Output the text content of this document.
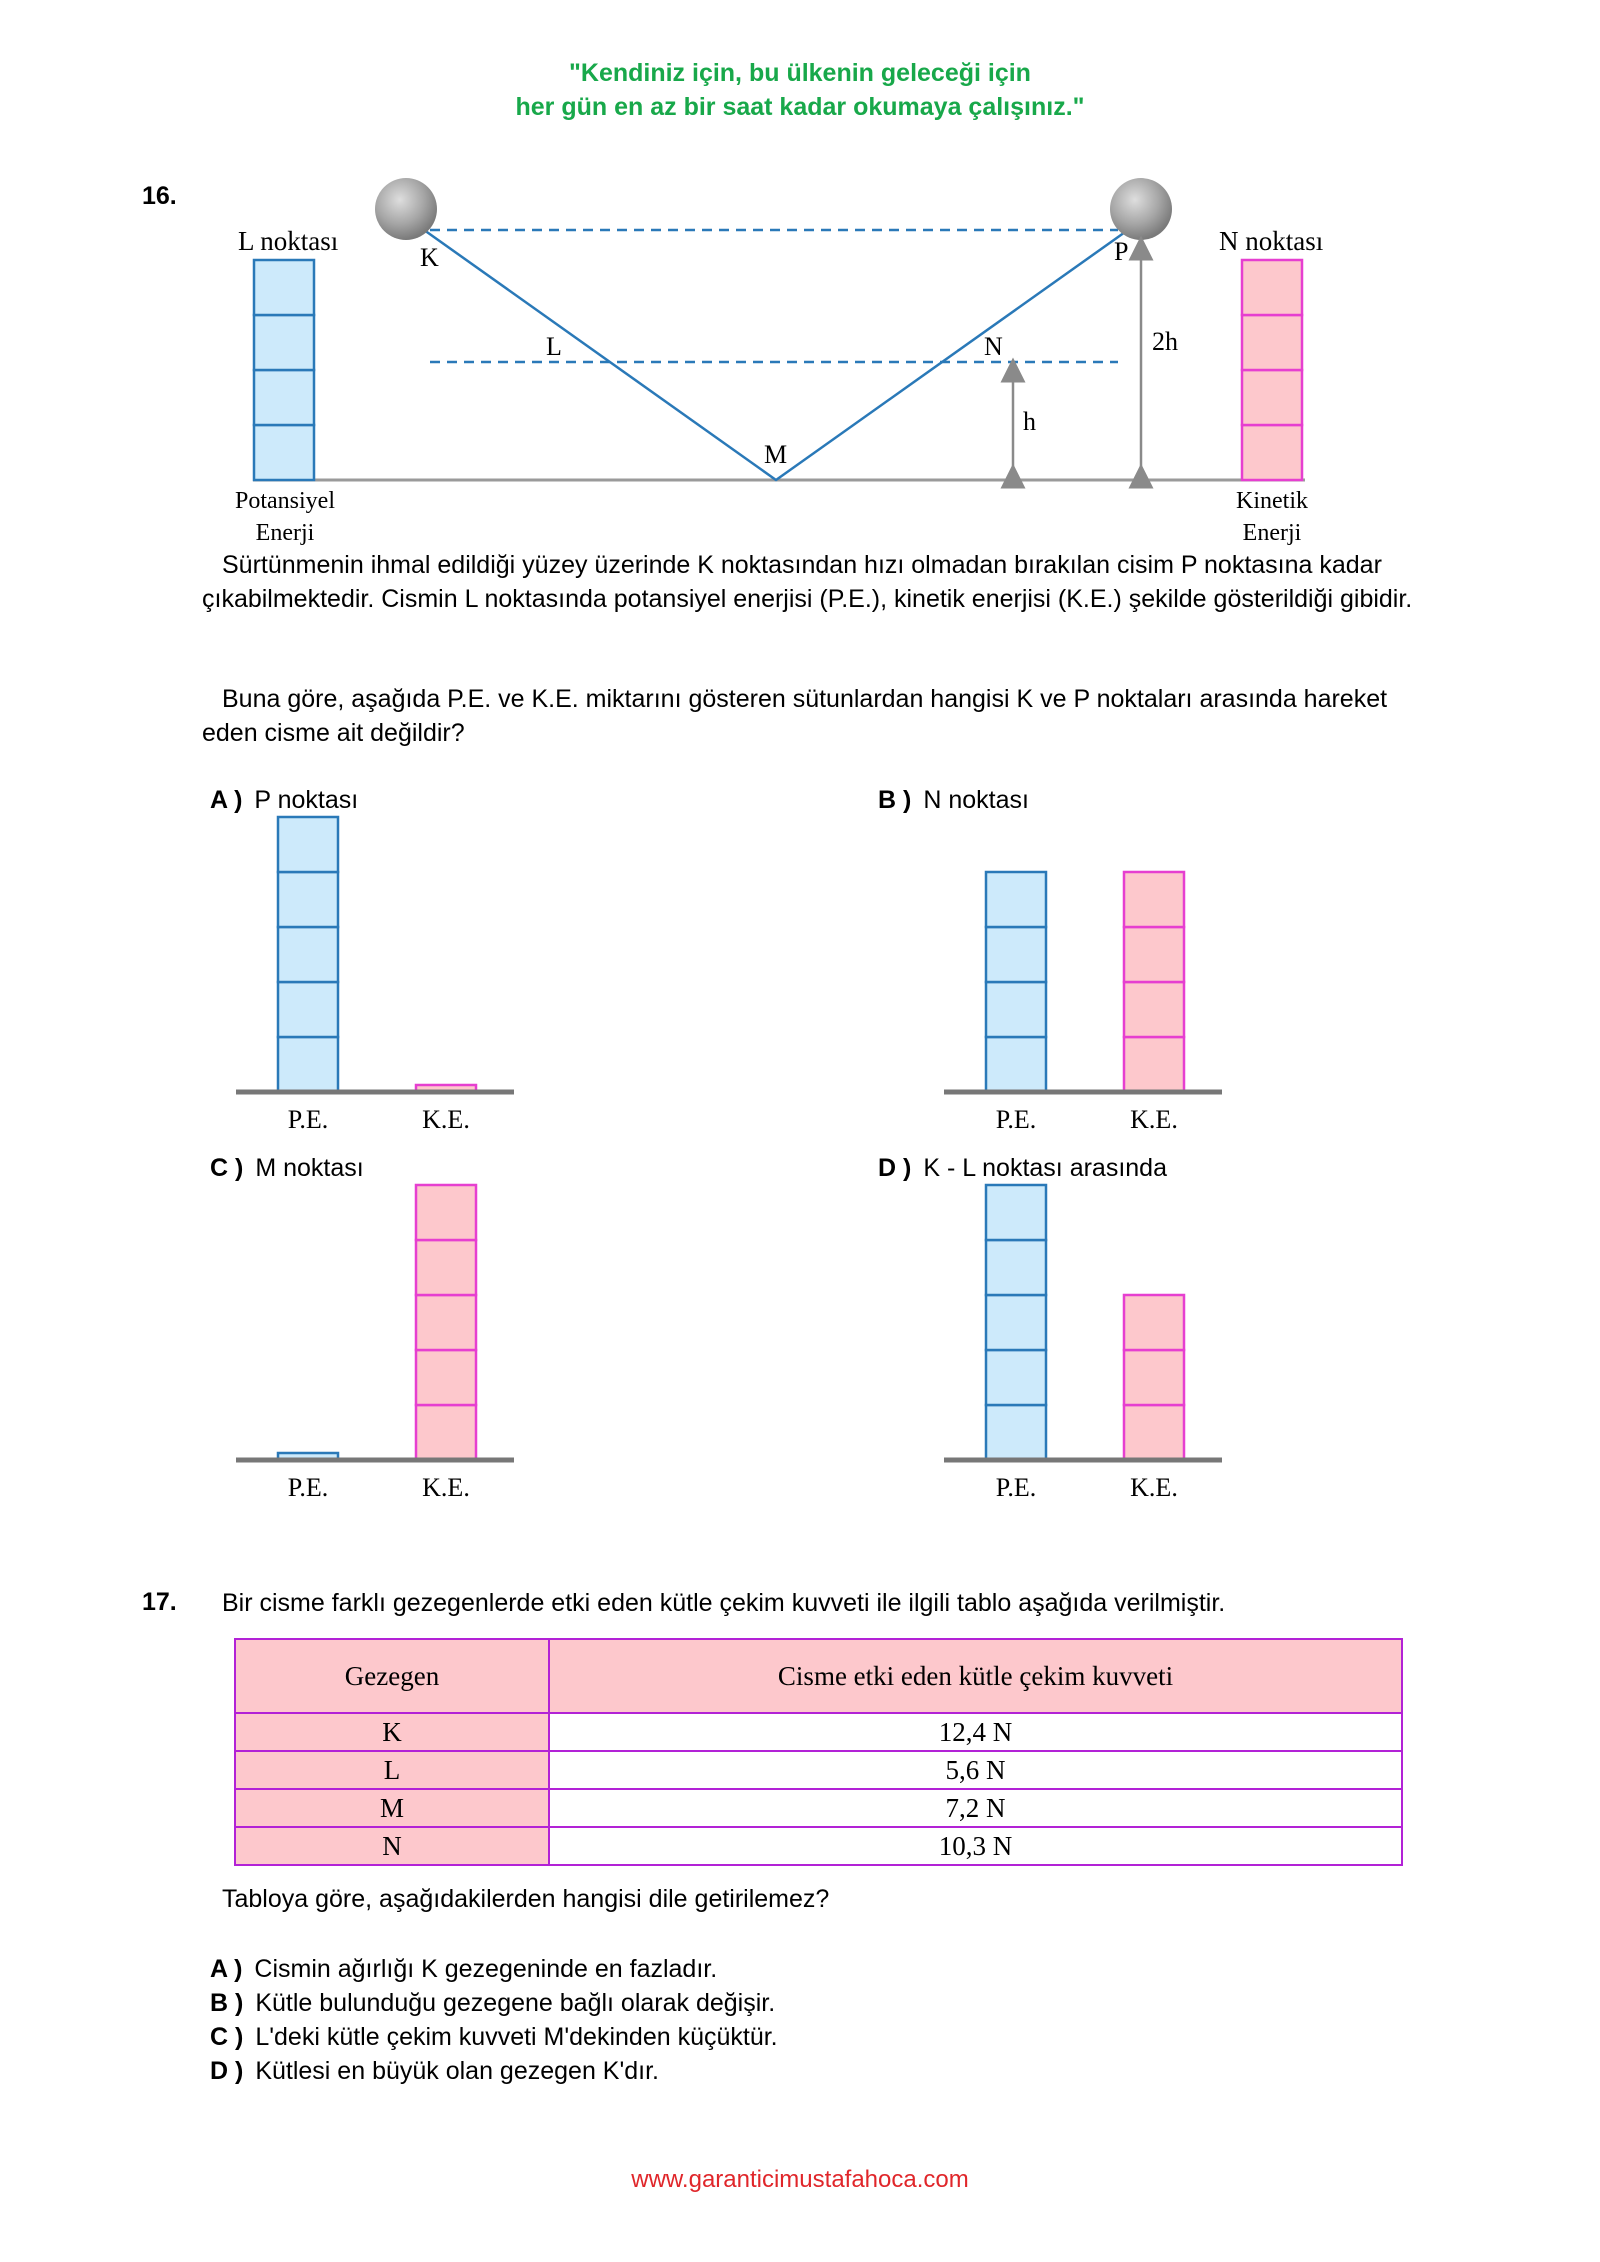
"Kendiniz için, bu ülkenin geleceği için
her gün en az bir saat kadar okumaya çalışınız."
16.
K
L
M
N
P
h
2h
L noktası	N noktası
Potansiyel
Enerji
Kinetik
Enerji
Sürtünmenin ihmal edildiği yüzey üzerinde K noktasından hızı olmadan bırakılan cisim P noktasına kadar çıkabilmektedir. Cismin L noktasında potansiyel enerjisi (P.E.), kinetik enerjisi (K.E.) şekilde gösterildiği gibidir.
Buna göre, aşağıda P.E. ve K.E. miktarını gösteren sütunlardan hangisi K ve P noktaları arasında hareket eden cisme ait değildir?
A ) P noktası	B ) N noktası
C ) M noktası	D ) K - L noktası arasında
P.E.	K.E.	P.E.	K.E.
P.E.	K.E.	P.E.	K.E.
17. Bir cisme farklı gezegenlerde etki eden kütle çekim kuvveti ile ilgili tablo aşağıda verilmiştir.
Gezegen	Cisme etki eden kütle çekim kuvveti
K	12,4 N
L	5,6 N
M	7,2 N
N	10,3 N
Tabloya göre, aşağıdakilerden hangisi dile getirilemez?
A ) Cismin ağırlığı K gezegeninde en fazladır.
B ) Kütle bulunduğu gezegene bağlı olarak değişir.
C ) L'deki kütle çekim kuvveti M'dekinden küçüktür.
D ) Kütlesi en büyük olan gezegen K'dır.
www.garanticimustafahoca.com
